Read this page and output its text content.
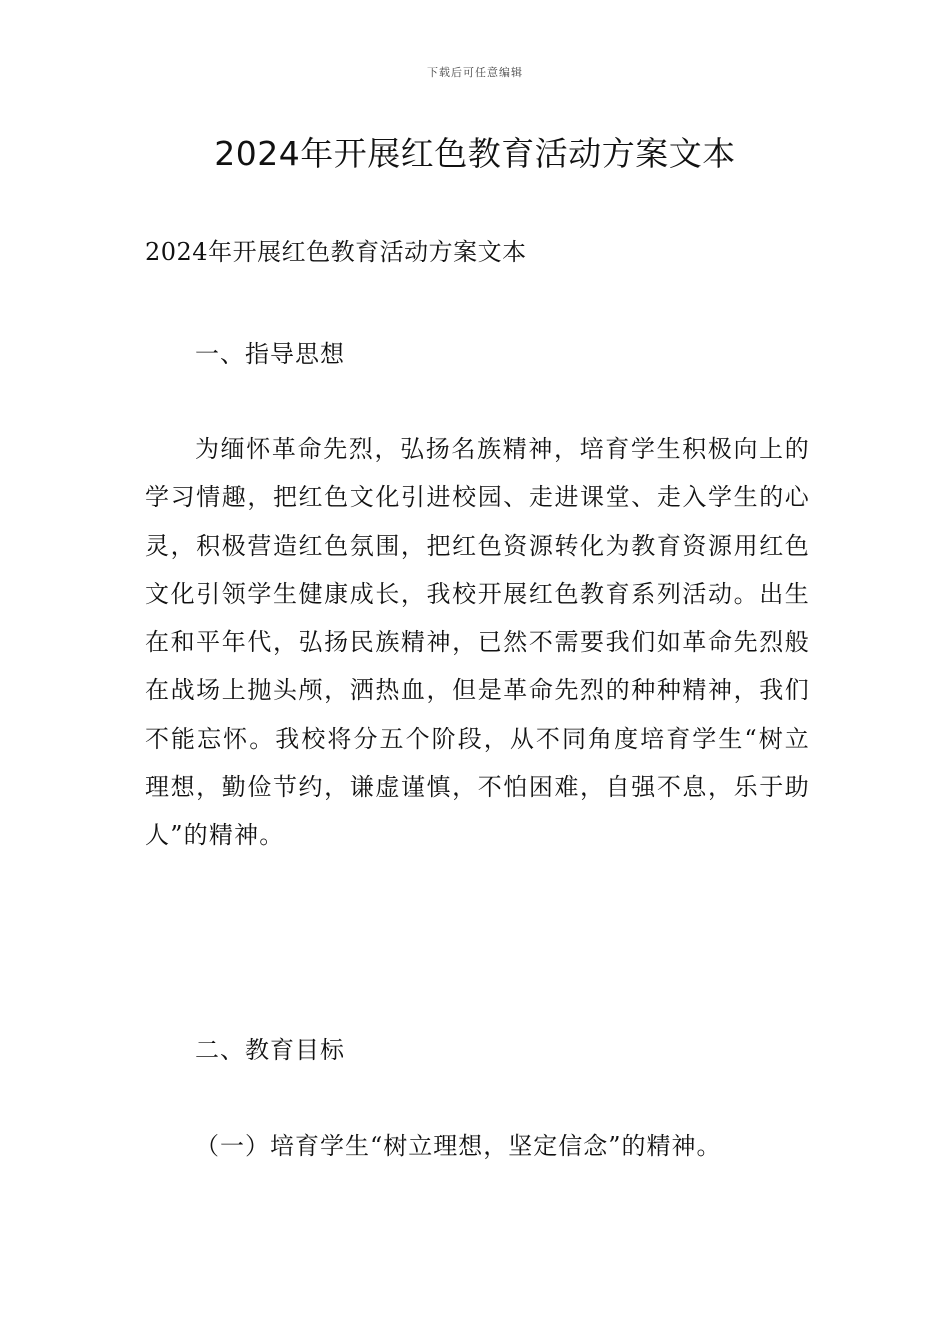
下载后可任意编辑
2024年开展红色教育活动方案文本
2024年开展红色教育活动方案文本
一、指导思想

为缅怀革命先烈，弘扬名族精神，培育学生积极向上的学习情趣，把红色文化引进校园、走进课堂、走入学生的心灵，积极营造红色氛围，把红色资源转化为教育资源用红色文化引领学生健康成长，我校开展红色教育系列活动。出生在和平年代，弘扬民族精神，已然不需要我们如革命先烈般在战场上抛头颅，洒热血，但是革命先烈的种种精神，我们不能忘怀。我校将分五个阶段，从不同角度培育学生“树立理想，勤俭节约，谦虚谨慎，不怕困难，自强不息，乐于助人”的精神。

二、教育目标
（一）培育学生“树立理想，坚定信念”的精神。
